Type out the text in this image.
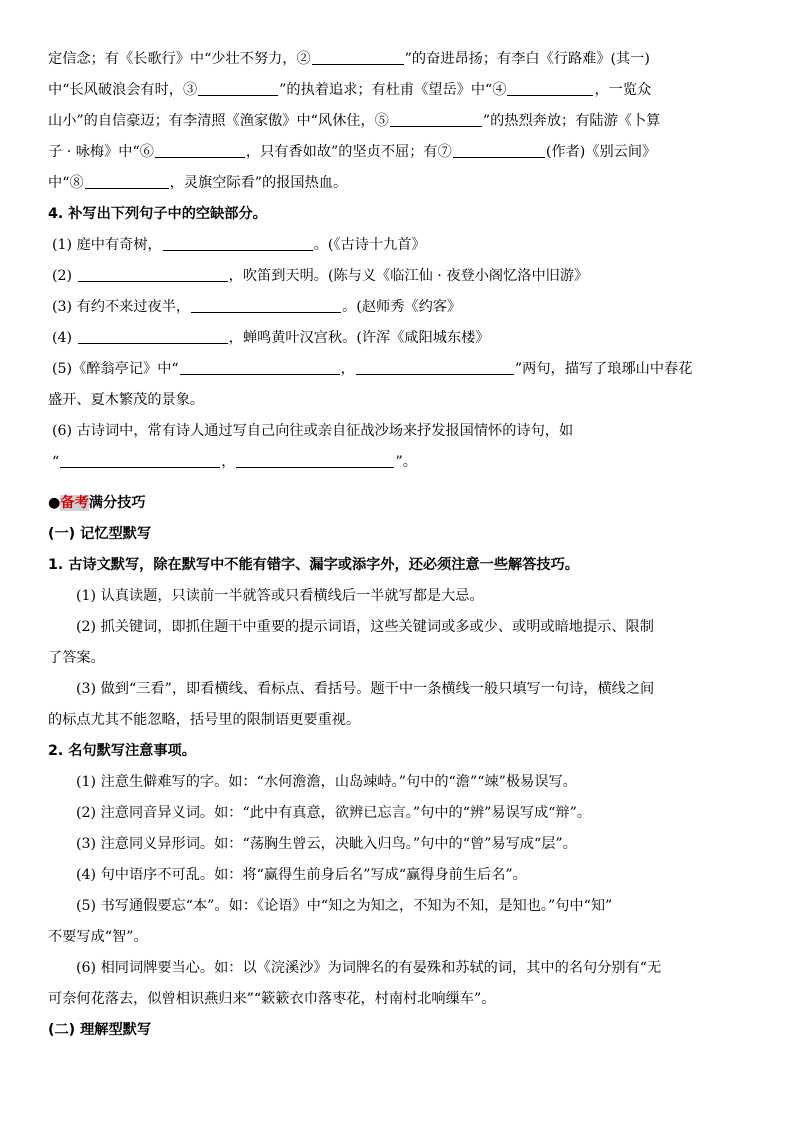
定信念；有《长歌行》中“少壮不努力，②	”的奋进昂扬；有李白《行路难》(其一)
中“长风破浪会有时，③	”的执着追求；有杜甫《望岳》中“④	，一览众
山小”的自信豪迈；有李清照《渔家傲》中“风休住，⑤	”的热烈奔放；有陆游《卜算
子 · 咏梅》中“⑥	，只有香如故”的坚贞不屈；有⑦	(作者)《别云间》
中“⑧	，灵旗空际看”的报国热血。
4. 补写出下列句子中的空缺部分。
(1) 庭中有奇树，	。(《古诗十九首》
(2)	，吹笛到天明。(陈与义《临江仙 · 夜登小阁忆洛中旧游》
(3) 有约不来过夜半，	。(赵师秀《约客》
(4)	，蝉鸣黄叶汉宫秋。(许浑《咸阳城东楼》
(5)《醉翁亭记》中“	，	”两句，描写了琅琊山中春花
盛开、夏木繁茂的景象。
(6) 古诗词中，常有诗人通过写自己向往或亲自征战沙场来抒发报国情怀的诗句，如
“	，	”。
●备考满分技巧
(一) 记忆型默写
1. 古诗文默写，除在默写中不能有错字、漏字或添字外，还必须注意一些解答技巧。
(1) 认真读题，只读前一半就答或只看横线后一半就写都是大忌。
(2) 抓关键词，即抓住题干中重要的提示词语，这些关键词或多或少、或明或暗地提示、限制
了答案。
(3) 做到“三看”，即看横线、看标点、看括号。题干中一条横线一般只填写一句诗，横线之间
的标点尤其不能忽略，括号里的限制语更要重视。
2. 名句默写注意事项。
(1) 注意生僻难写的字。如：“水何澹澹，山岛竦峙。”句中的“澹”“竦”极易误写。
(2) 注意同音异义词。如：“此中有真意，欲辨已忘言。”句中的“辨”易误写成“辩”。
(3) 注意同义异形词。如：“荡胸生曾云，决眦入归鸟。”句中的“曾”易写成“层”。
(4) 句中语序不可乱。如：将“赢得生前身后名”写成“赢得身前生后名”。
(5) 书写通假要忘“本”。如：《论语》中“知之为知之，不知为不知，是知也。”句中“知”
不要写成“智”。
(6) 相同词牌要当心。如：以《浣溪沙》为词牌名的有晏殊和苏轼的词，其中的名句分别有“无
可奈何花落去，似曾相识燕归来”“簌簌衣巾落枣花，村南村北响缫车”。
(二) 理解型默写
